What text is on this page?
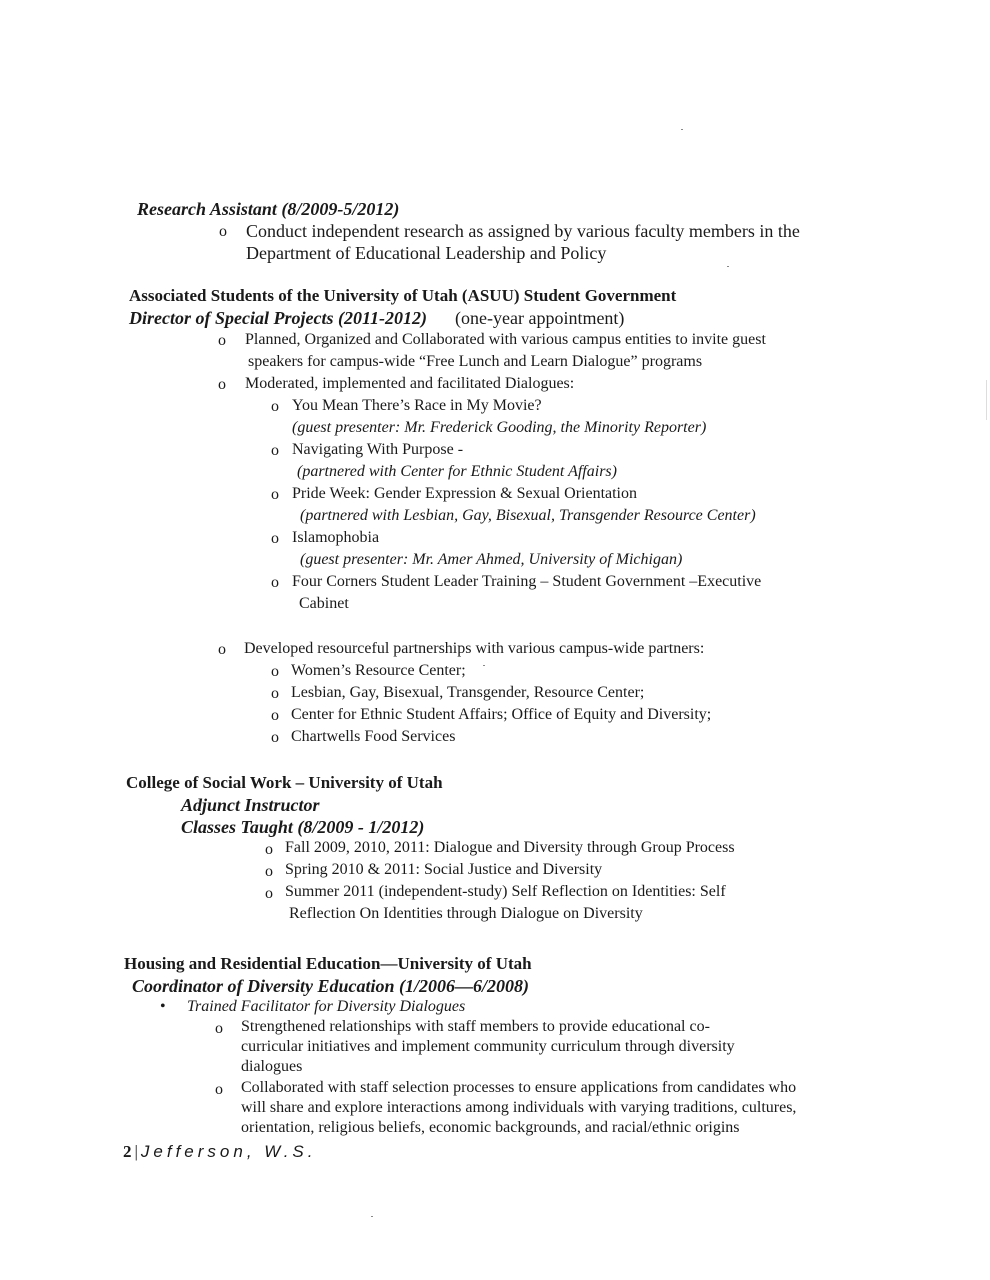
Research Assistant (8/2009-5/2012)
o Conduct independent research as assigned by various faculty members in the
Department of Educational Leadership and Policy
Associated Students of the University of Utah (ASUU) Student Government
Director of Special Projects (2011-2012) (one-year appointment)
o Planned, Organized and Collaborated with various campus entities to invite guest
speakers for campus-wide “Free Lunch and Learn Dialogue” programs
o Moderated, implemented and facilitated Dialogues:
o You Mean There’s Race in My Movie?
(guest presenter: Mr. Frederick Gooding, the Minority Reporter)
o Navigating With Purpose -
(partnered with Center for Ethnic Student Affairs)
o Pride Week: Gender Expression & Sexual Orientation
(partnered with Lesbian, Gay, Bisexual, Transgender Resource Center)
o Islamophobia
(guest presenter: Mr. Amer Ahmed, University of Michigan)
o Four Corners Student Leader Training – Student Government –Executive
Cabinet
o Developed resourceful partnerships with various campus-wide partners:
o Women’s Resource Center;
o Lesbian, Gay, Bisexual, Transgender, Resource Center;
o Center for Ethnic Student Affairs; Office of Equity and Diversity;
o Chartwells Food Services
College of Social Work – University of Utah
Adjunct Instructor
Classes Taught (8/2009 - 1/2012)
o Fall 2009, 2010, 2011: Dialogue and Diversity through Group Process
o Spring 2010 & 2011: Social Justice and Diversity
o Summer 2011 (independent-study) Self Reflection on Identities: Self
Reflection On Identities through Dialogue on Diversity
Housing and Residential Education—University of Utah
Coordinator of Diversity Education (1/2006—6/2008)
• Trained Facilitator for Diversity Dialogues
o Strengthened relationships with staff members to provide educational co-
curricular initiatives and implement community curriculum through diversity
dialogues
o Collaborated with staff selection processes to ensure applications from candidates who
will share and explore interactions among individuals with varying traditions, cultures,
orientation, religious beliefs, economic backgrounds, and racial/ethnic origins
2 | Jefferson, W.S.
